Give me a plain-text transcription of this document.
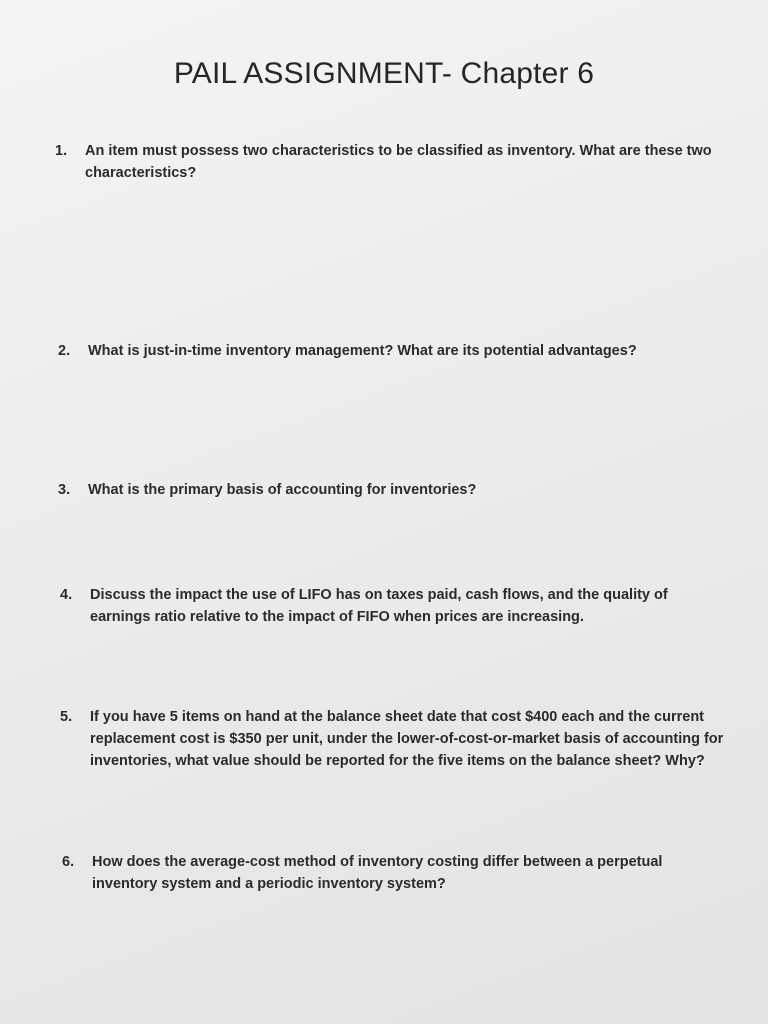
PAIL ASSIGNMENT- Chapter 6
1.	An item must possess two characteristics to be classified as inventory. What are these two characteristics?
2.	What is just-in-time inventory management? What are its potential advantages?
3.	What is the primary basis of accounting for inventories?
4.	Discuss the impact the use of LIFO has on taxes paid, cash flows, and the quality of earnings ratio relative to the impact of FIFO when prices are increasing.
5.	If you have 5 items on hand at the balance sheet date that cost $400 each and the current replacement cost is $350 per unit, under the lower-of-cost-or-market basis of accounting for inventories, what value should be reported for the five items on the balance sheet? Why?
6.	How does the average-cost method of inventory costing differ between a perpetual inventory system and a periodic inventory system?
